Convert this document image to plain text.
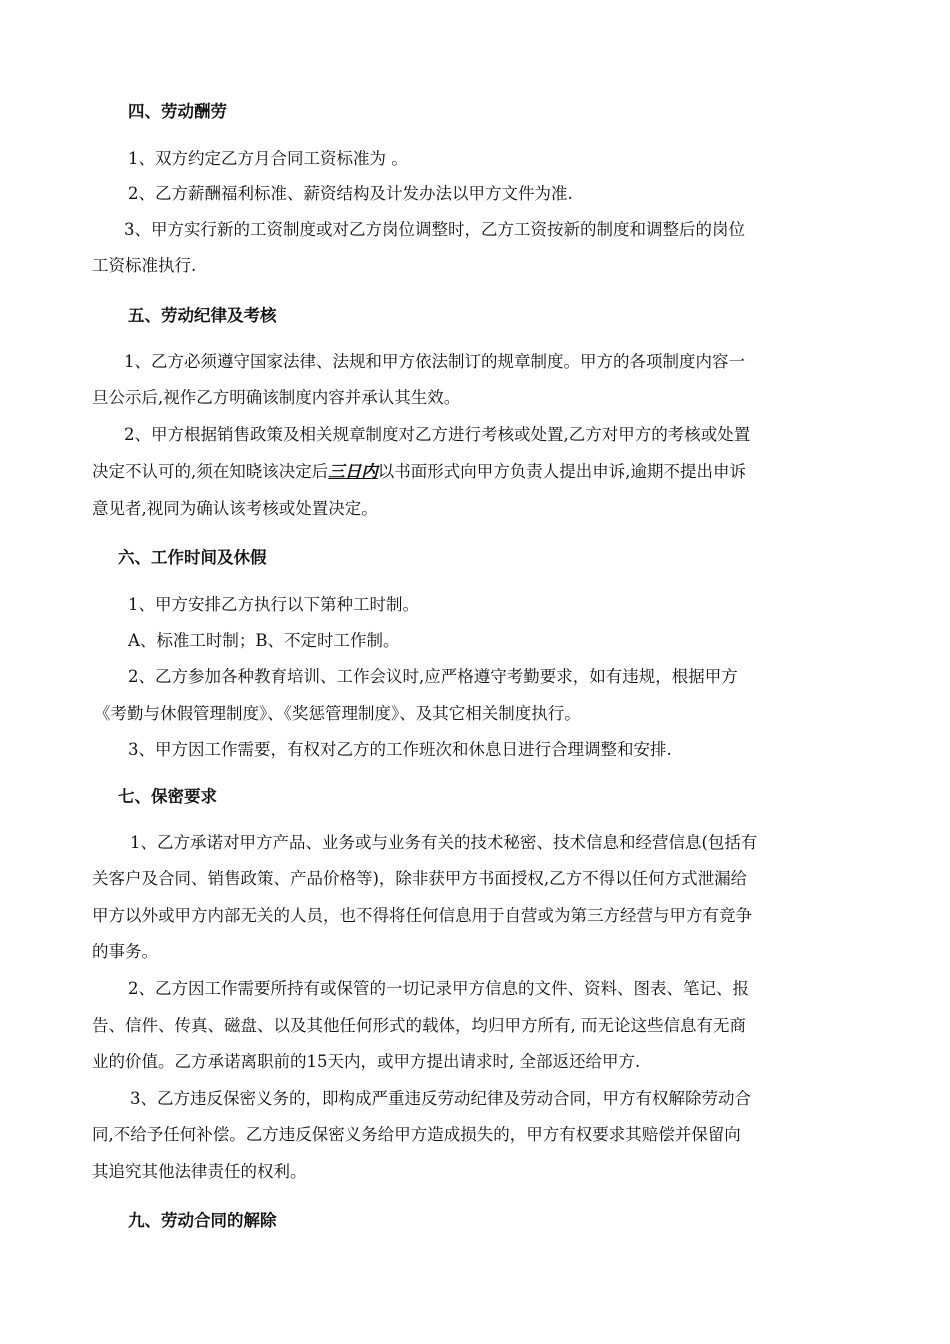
四、劳动酬劳
1、双方约定乙方月合同工资标准为 。
2、乙方薪酬福利标准、薪资结构及计发办法以甲方文件为准.
3、甲方实行新的工资制度或对乙方岗位调整时，乙方工资按新的制度和调整后的岗位
工资标准执行.
五、劳动纪律及考核
1、乙方必须遵守国家法律、法规和甲方依法制订的规章制度。甲方的各项制度内容一
旦公示后,视作乙方明确该制度内容并承认其生效。
2、甲方根据销售政策及相关规章制度对乙方进行考核或处置,乙方对甲方的考核或处置
决定不认可的,须在知晓该决定后三日内以书面形式向甲方负责人提出申诉,逾期不提出申诉
意见者,视同为确认该考核或处置决定。
六、工作时间及休假
1、甲方安排乙方执行以下第种工时制。
A、标准工时制；B、不定时工作制。
2、乙方参加各种教育培训、工作会议时,应严格遵守考勤要求，如有违规，根据甲方
《考勤与休假管理制度》、《奖惩管理制度》、及其它相关制度执行。
3、甲方因工作需要，有权对乙方的工作班次和休息日进行合理调整和安排.
七、保密要求
1、乙方承诺对甲方产品、业务或与业务有关的技术秘密、技术信息和经营信息(包括有
关客户及合同、销售政策、产品价格等)，除非获甲方书面授权,乙方不得以任何方式泄漏给
甲方以外或甲方内部无关的人员，也不得将任何信息用于自营或为第三方经营与甲方有竞争
的事务。
2、乙方因工作需要所持有或保管的一切记录甲方信息的文件、资料、图表、笔记、报
告、信件、传真、磁盘、以及其他任何形式的载体，均归甲方所有, 而无论这些信息有无商
业的价值。乙方承诺离职前的15天内，或甲方提出请求时, 全部返还给甲方.
3、乙方违反保密义务的，即构成严重违反劳动纪律及劳动合同，甲方有权解除劳动合
同,不给予任何补偿。乙方违反保密义务给甲方造成损失的，甲方有权要求其赔偿并保留向
其追究其他法律责任的权利。
九、劳动合同的解除
